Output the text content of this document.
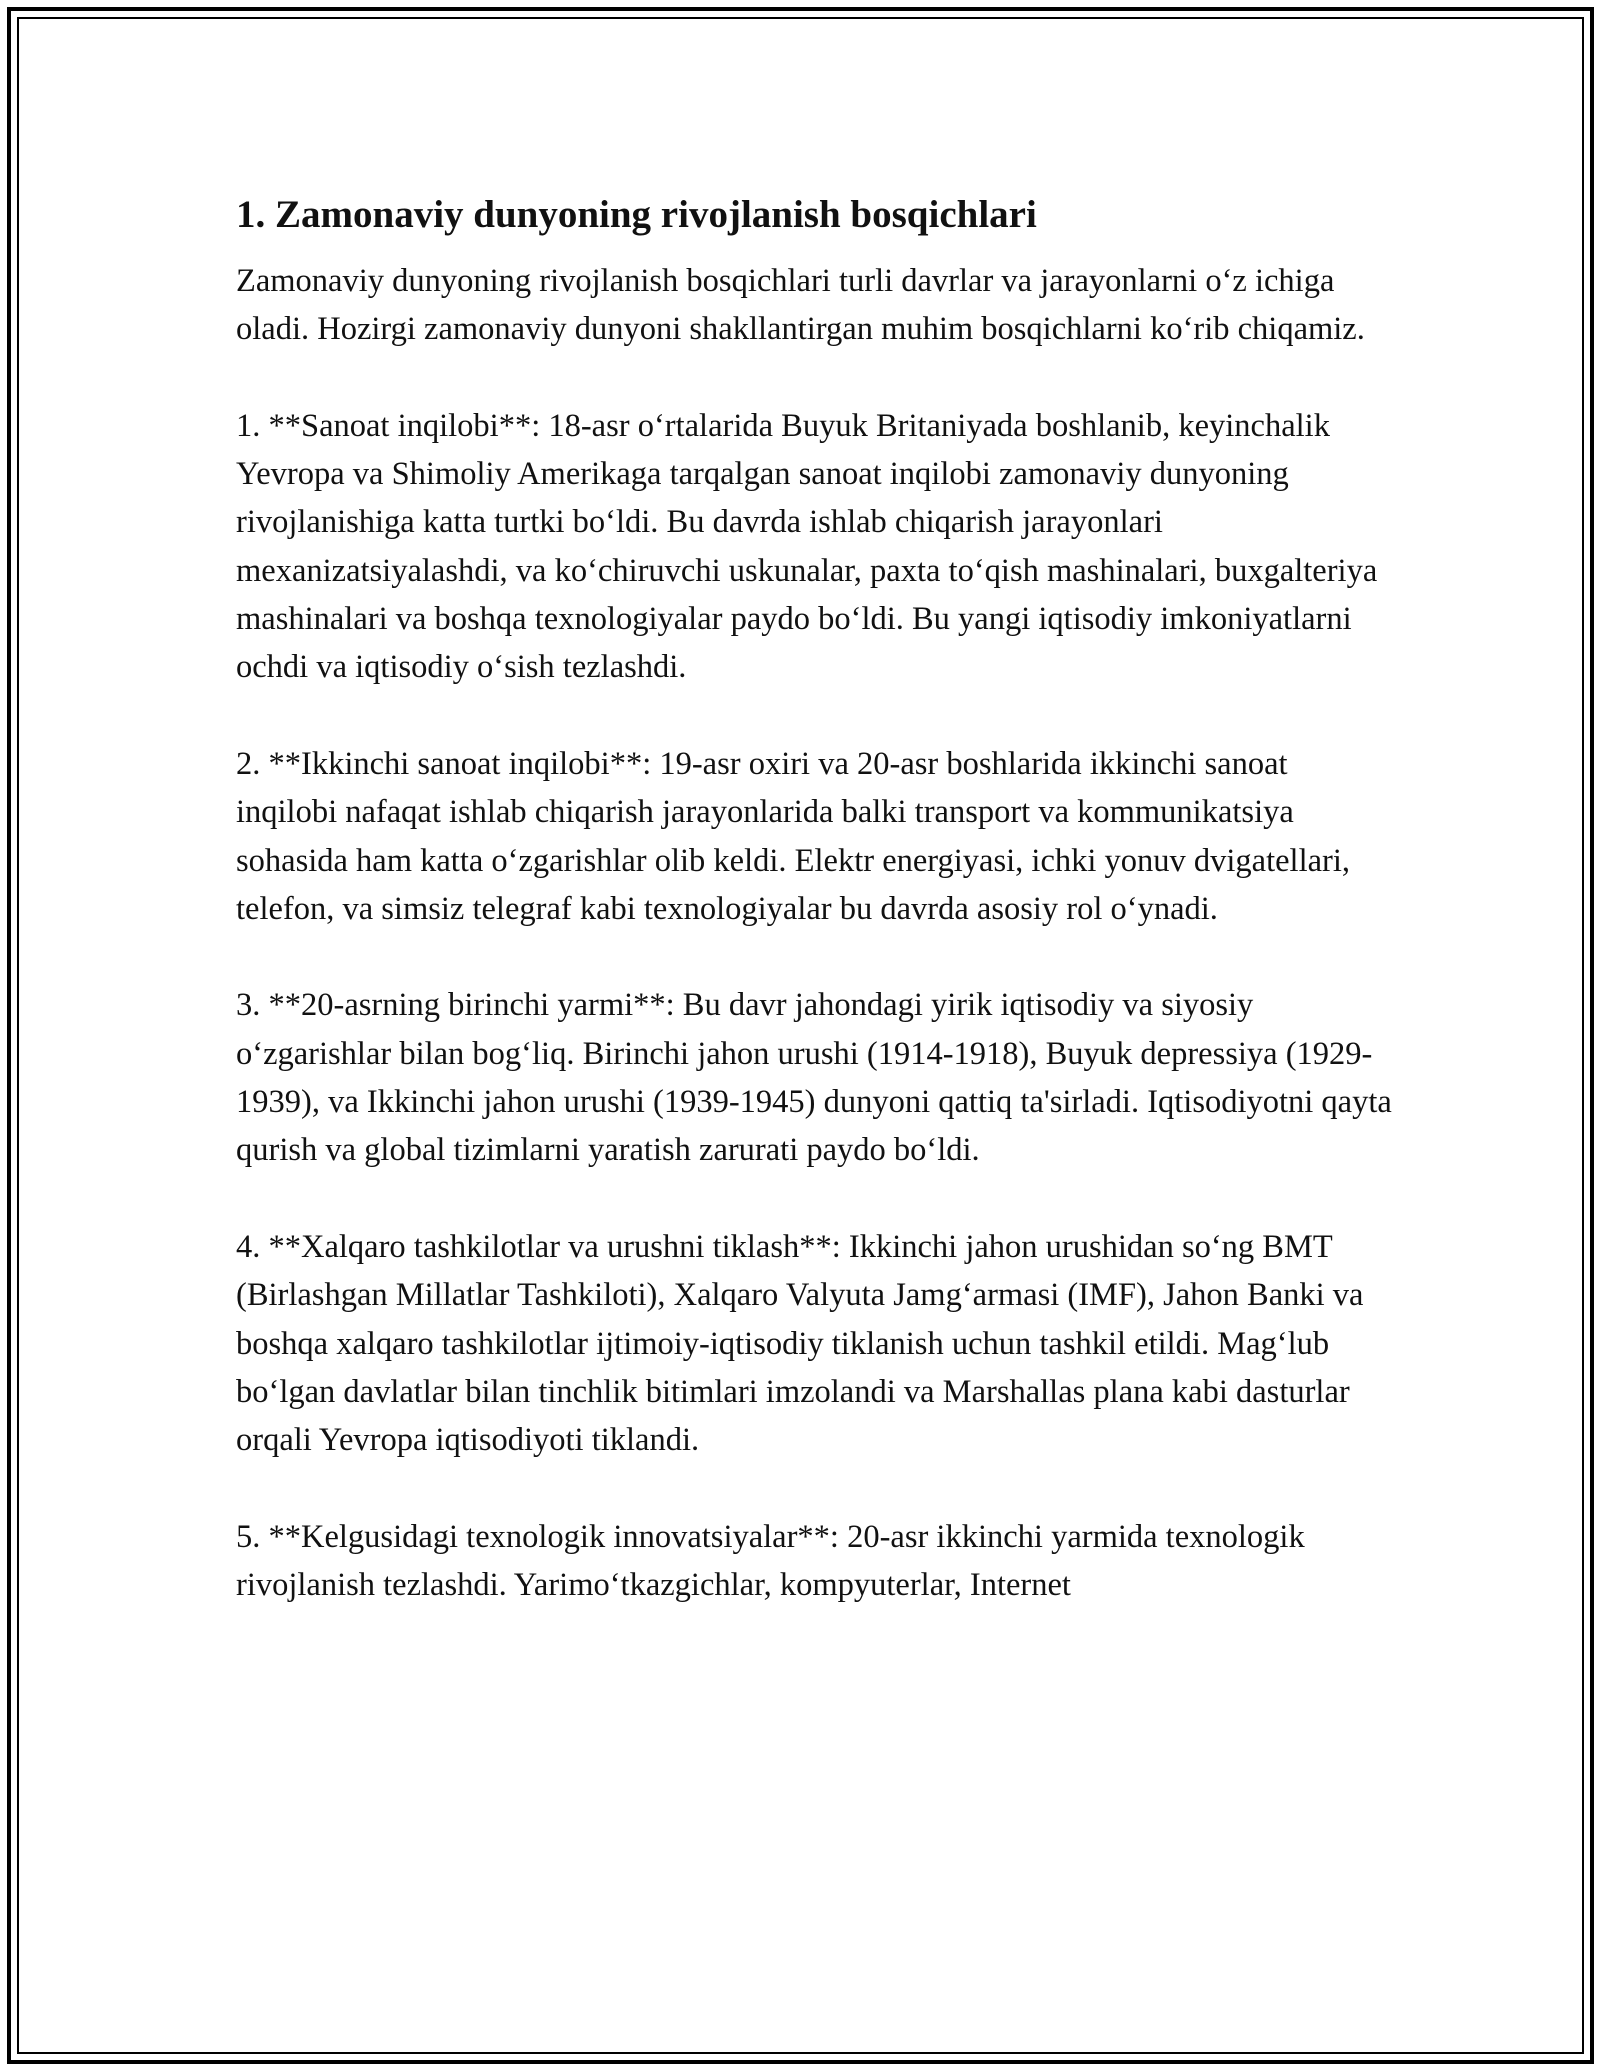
1. Zamonaviy dunyoning rivojlanish bosqichlari

Zamonaviy dunyoning rivojlanish bosqichlari turli davrlar va jarayonlarni o‘z ichiga oladi. Hozirgi zamonaviy dunyoni shakllantirgan muhim bosqichlarni ko‘rib chiqamiz.

1. **Sanoat inqilobi**: 18-asr o‘rtalarida Buyuk Britaniyada boshlanib, keyinchalik Yevropa va Shimoliy Amerikaga tarqalgan sanoat inqilobi zamonaviy dunyoning rivojlanishiga katta turtki bo‘ldi. Bu davrda ishlab chiqarish jarayonlari mexanizatsiyalashdi, va ko‘chiruvchi uskunalar, paxta to‘qish mashinalari, buxgalteriya mashinalari va boshqa texnologiyalar paydo bo‘ldi. Bu yangi iqtisodiy imkoniyatlarni ochdi va iqtisodiy o‘sish tezlashdi.

2. **Ikkinchi sanoat inqilobi**: 19-asr oxiri va 20-asr boshlarida ikkinchi sanoat inqilobi nafaqat ishlab chiqarish jarayonlarida balki transport va kommunikatsiya sohasida ham katta o‘zgarishlar olib keldi. Elektr energiyasi, ichki yonuv dvigatellari, telefon, va simsiz telegraf kabi texnologiyalar bu davrda asosiy rol o‘ynadi.

3. **20-asrning birinchi yarmi**: Bu davr jahondagi yirik iqtisodiy va siyosiy o‘zgarishlar bilan bog‘liq. Birinchi jahon urushi (1914-1918), Buyuk depressiya (1929-1939), va Ikkinchi jahon urushi (1939-1945) dunyoni qattiq ta'sirladi. Iqtisodiyotni qayta qurish va global tizimlarni yaratish zarurati paydo bo‘ldi.

4. **Xalqaro tashkilotlar va urushni tiklash**: Ikkinchi jahon urushidan so‘ng BMT (Birlashgan Millatlar Tashkiloti), Xalqaro Valyuta Jamg‘armasi (IMF), Jahon Banki va boshqa xalqaro tashkilotlar ijtimoiy-iqtisodiy tiklanish uchun tashkil etildi. Mag‘lub bo‘lgan davlatlar bilan tinchlik bitimlari imzolandi va Marshallas plana kabi dasturlar orqali Yevropa iqtisodiyoti tiklandi.

5. **Kelgusidagi texnologik innovatsiyalar**: 20-asr ikkinchi yarmida texnologik rivojlanish tezlashdi. Yarimo‘tkazgichlar, kompyuterlar, Internet
